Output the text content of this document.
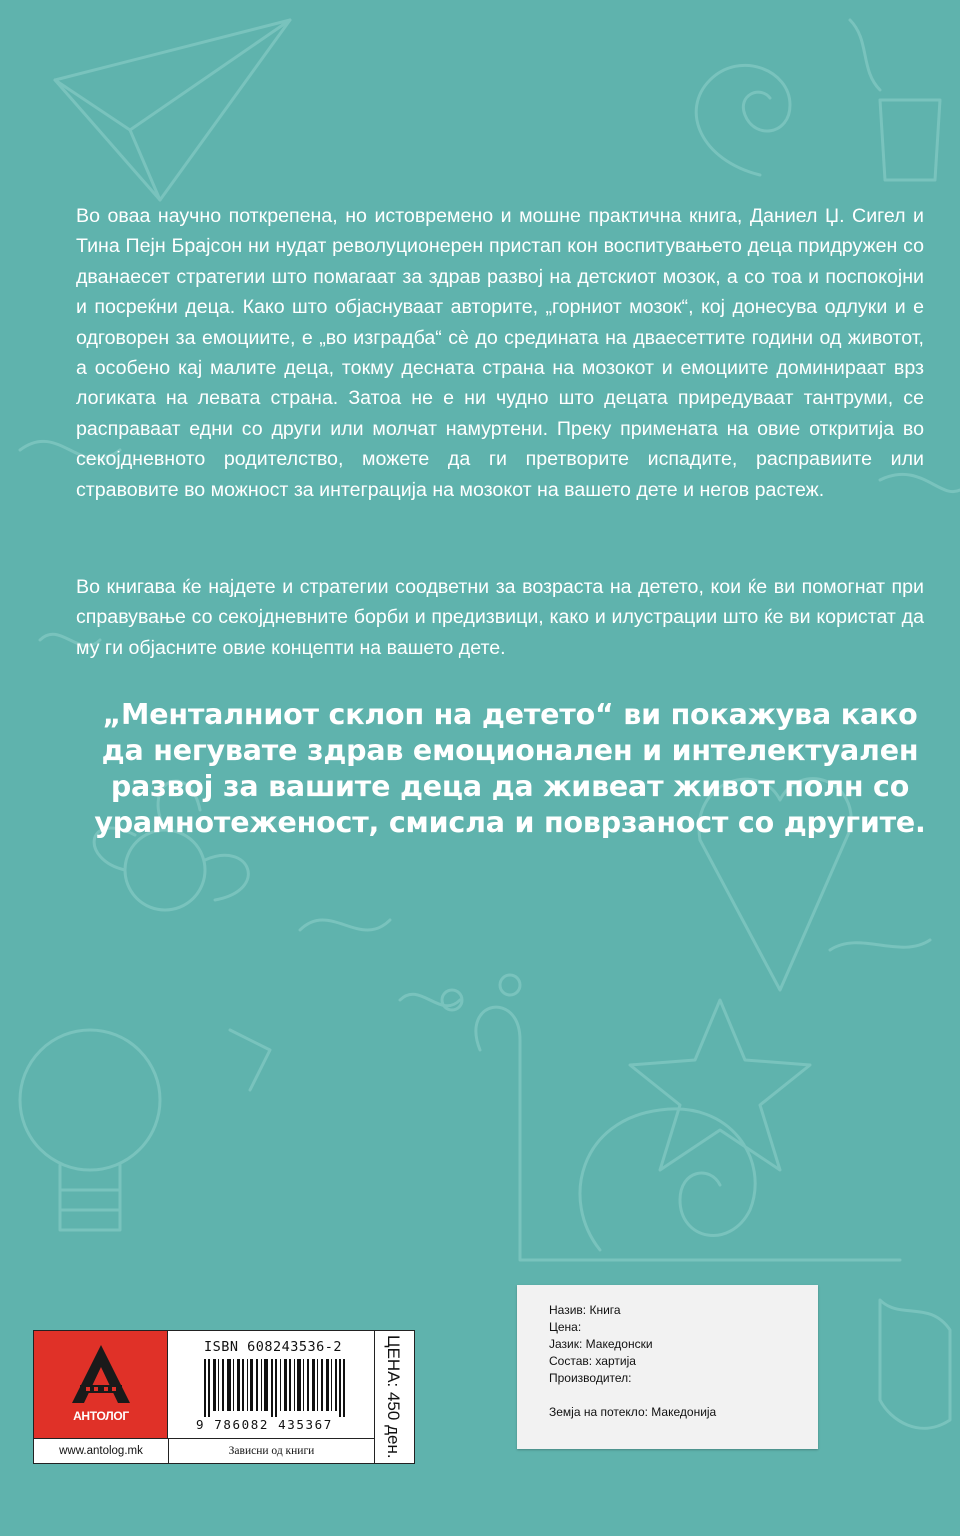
Во оваа научно поткрепена, но истовремено и мошне практична книга, Даниел Џ. Сигел и Тина Пејн Брајсон ни нудат револуционерен пристап кон воспитувањето деца придружен со дванаесет стратегии што помагаат за здрав развој на детскиот мозок, а со тоа и поспокојни и посреќни деца. Како што објаснуваат авторите, „горниот мозок“, кој донесува одлуки и е одговорен за емоциите, е „во изградба“ сè до средината на дваесеттите години од животот, а особено кај малите деца, токму десната страна на мозокот и емоциите доминираат врз логиката на левата страна. Затоа не е ни чудно што децата приредуваат тантруми, се расправаат едни со други или молчат намуртени. Преку примената на овие откритија во секојдневното родителство, можете да ги претворите испадите, расправиите или стравовите во можност за интеграција на мозокот на вашето дете и негов растеж.

Во книгава ќе најдете и стратегии соодветни за возраста на детето, кои ќе ви помогнат при справување со секојдневните борби и предизвици, како и илустрации што ќе ви користат да му ги објасните овие концепти на вашето дете.

„Менталниот склоп на детето“ ви покажува како да негувате здрав емоционален и интелектуален развој за вашите деца да живеат живот полн со урамнотеженост, смисла и поврзаност со другите.

АНТОЛОГ
www.antolog.mk
ISBN 608243536-2
9 786082 435367
Зависни од книги	ЦЕНА: 450 ден.
Назив: Книга
Цена:
Јазик: Македонски
Состав: хартија
Производител:
Земја на потекло: Македонија
